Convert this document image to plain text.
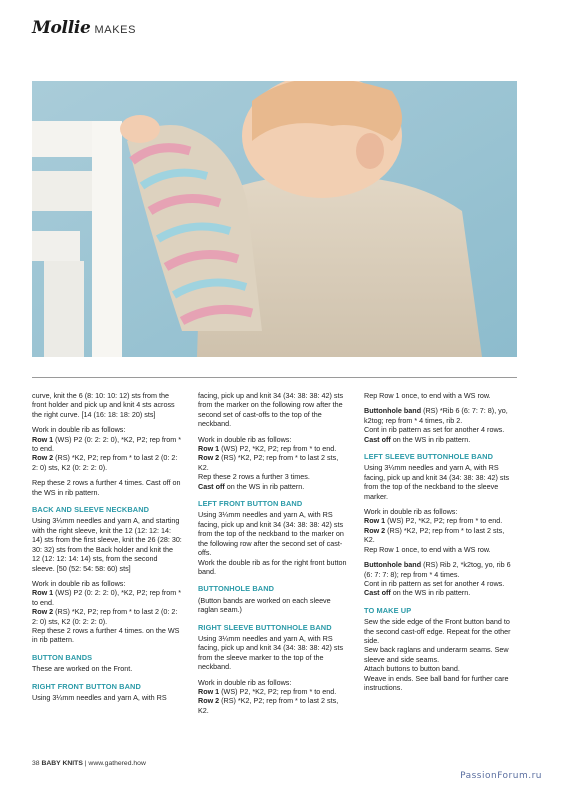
Mollie MAKES

curve, knit the 6 (8: 10: 10: 12) sts from the front holder and pick up and knit 4 sts across the right curve. [14 (16: 18: 18: 20) sts]

Work in double rib as follows:
Row 1 (WS) P2 (0: 2: 2: 0), *K2, P2; rep from * to end.
Row 2 (RS) *K2, P2; rep from * to last 2 (0: 2: 2: 0) sts, K2 (0: 2: 2: 0).

Rep these 2 rows a further 4 times. Cast off on the WS in rib pattern.

BACK AND SLEEVE NECKBAND

Using 3¼mm needles and yarn A, and starting with the right sleeve, knit the 12 (12: 12: 14: 14) sts from the first sleeve, knit the 26 (28: 30: 30: 32) sts from the Back holder and knit the 12 (12: 12: 14: 14) sts, from the second sleeve. [50 (52: 54: 58: 60) sts]

Work in double rib as follows:
Row 1 (WS) P2 (0: 2: 2: 0), *K2, P2; rep from * to end.
Row 2 (RS) *K2, P2; rep from * to last 2 (0: 2: 2: 0) sts, K2 (0: 2: 2: 0).
Rep these 2 rows a further 4 times. on the WS in rib pattern.

BUTTON BANDS

These are worked on the Front.

RIGHT FRONT BUTTON BAND

Using 3¼mm needles and yarn A, with RS

facing, pick up and knit 34 (34: 38: 38: 42) sts from the marker on the following row after the second set of cast-offs to the top of the neckband.

Work in double rib as follows:
Row 1 (WS) P2, *K2, P2; rep from * to end.
Row 2 (RS) *K2, P2; rep from * to last 2 sts, K2.
Rep these 2 rows a further 3 times.
Cast off on the WS in rib pattern.

LEFT FRONT BUTTON BAND

Using 3¼mm needles and yarn A, with RS facing, pick up and knit 34 (34: 38: 38: 42) sts from the top of the neckband to the marker on the following row after the second set of cast-offs.
Work the double rib as for the right front button band.

BUTTONHOLE BAND

(Button bands are worked on each sleeve raglan seam.)

RIGHT SLEEVE BUTTONHOLE BAND

Using 3¼mm needles and yarn A, with RS facing, pick up and knit 34 (34: 38: 38: 42) sts from the sleeve marker to the top of the neckband.

Work in double rib as follows:
Row 1 (WS) P2, *K2, P2; rep from * to end.
Row 2 (RS) *K2, P2; rep from * to last 2 sts, K2.

Rep Row 1 once, to end with a WS row.

Buttonhole band (RS) *Rib 6 (6: 7: 7: 8), yo, k2tog; rep from * 4 times, rib 2.
Cont in rib pattern as set for another 4 rows.
Cast off on the WS in rib pattern.

LEFT SLEEVE BUTTONHOLE BAND

Using 3¼mm needles and yarn A, with RS facing, pick up and knit 34 (34: 38: 38: 42) sts from the top of the neckband to the sleeve marker.

Work in double rib as follows:
Row 1 (WS) P2, *K2, P2; rep from * to end.
Row 2 (RS) *K2, P2; rep from * to last 2 sts, K2.
Rep Row 1 once, to end with a WS row.

Buttonhole band (RS) Rib 2, *k2tog, yo, rib 6 (6: 7: 7: 8); rep from * 4 times.
Cont in rib pattern as set for another 4 rows.
Cast off on the WS in rib pattern.

TO MAKE UP

Sew the side edge of the Front button band to the second cast-off edge. Repeat for the other side.
Sew back raglans and underarm seams. Sew sleeve and side seams.
Attach buttons to button band.
Weave in ends. See ball band for further care instructions.

38 BABY KNITS | www.gathered.how
PassionForum.ru
